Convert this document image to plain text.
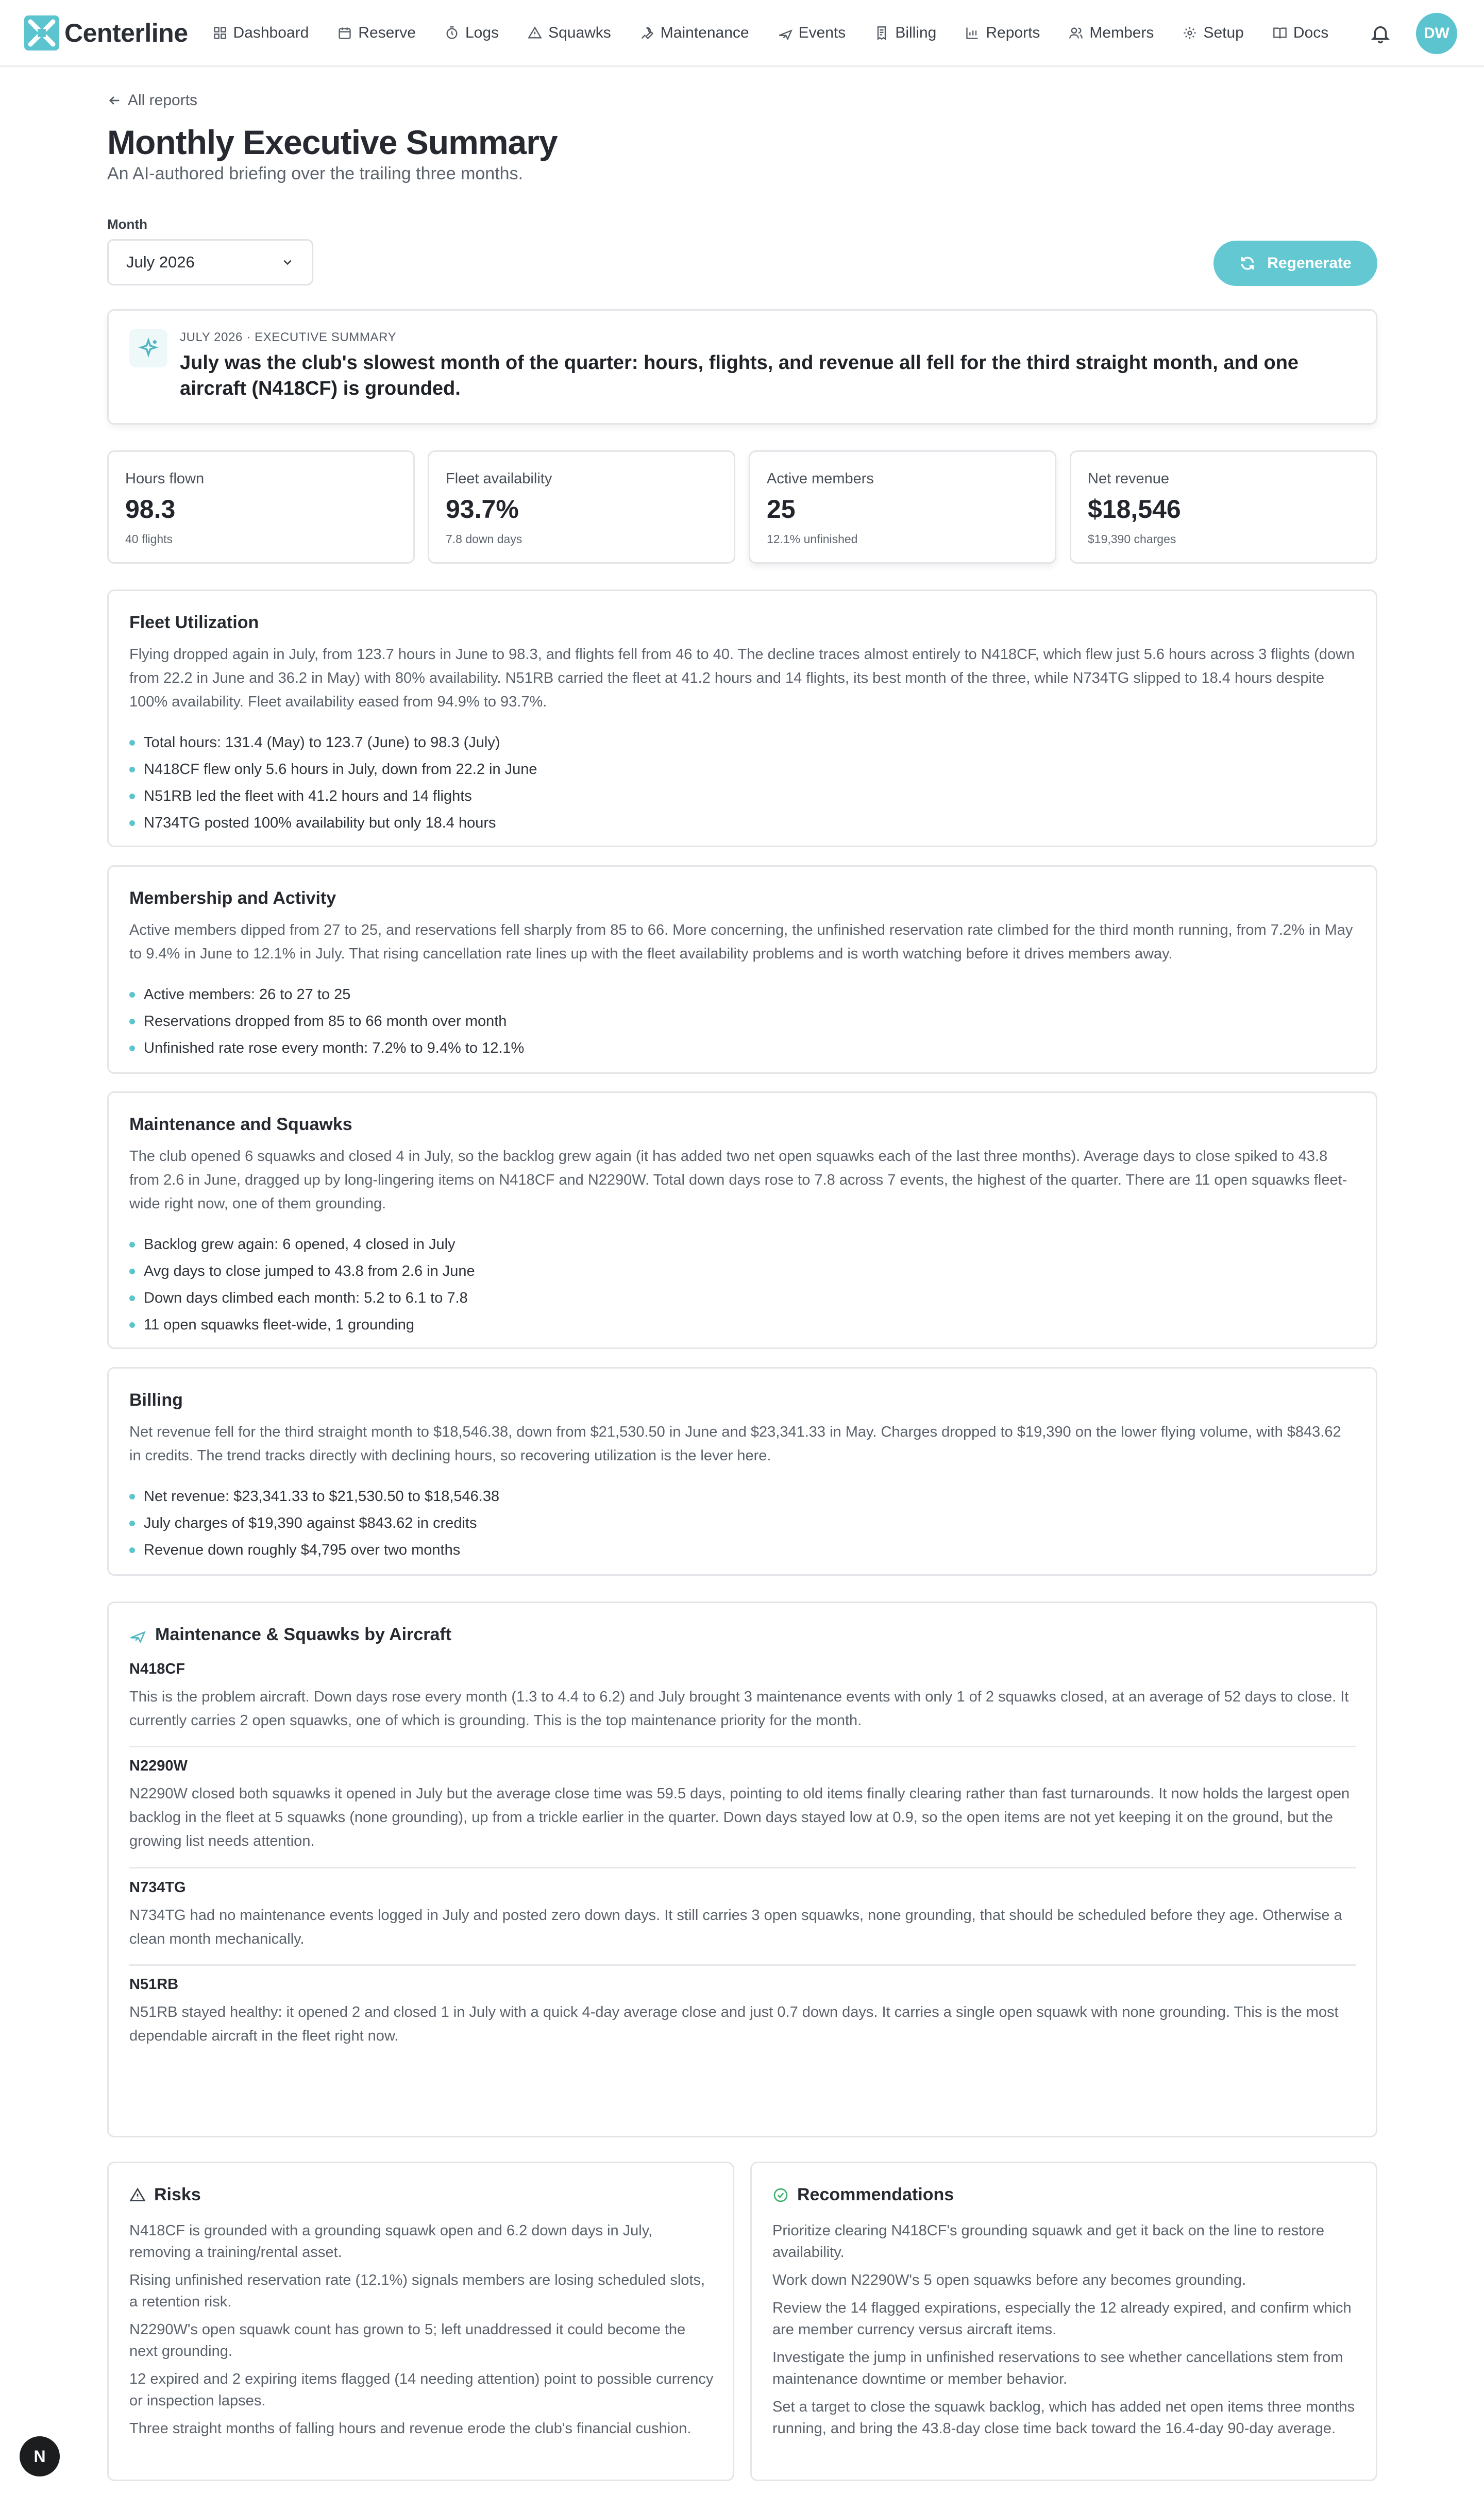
Centerline	Dashboard	Reserve	Logs	Squawks	Maintenance	Events	Billing	Reports	Members	Setup	Docs	DW
All reports
Monthly Executive Summary
An AI-authored briefing over the trailing three months.
Month
July 2026	Regenerate
JULY 2026 · EXECUTIVE SUMMARY
July was the club's slowest month of the quarter: hours, flights, and revenue all fell for the third straight month, and one aircraft (N418CF) is grounded.
Hours flown
98.3
40 flights
Fleet availability
93.7%
7.8 down days
Active members
25
12.1% unfinished
Net revenue
$18,546
$19,390 charges
Fleet Utilization

Flying dropped again in July, from 123.7 hours in June to 98.3, and flights fell from 46 to 40. The decline traces almost entirely to N418CF, which flew just 5.6 hours across 3 flights (down from 22.2 in June and 36.2 in May) with 80% availability. N51RB carried the fleet at 41.2 hours and 14 flights, its best month of the three, while N734TG slipped to 18.4 hours despite 100% availability. Fleet availability eased from 94.9% to 93.7%.

Total hours: 131.4 (May) to 123.7 (June) to 98.3 (July)
N418CF flew only 5.6 hours in July, down from 22.2 in June
N51RB led the fleet with 41.2 hours and 14 flights
N734TG posted 100% availability but only 18.4 hours
Membership and Activity

Active members dipped from 27 to 25, and reservations fell sharply from 85 to 66. More concerning, the unfinished reservation rate climbed for the third month running, from 7.2% in May to 9.4% in June to 12.1% in July. That rising cancellation rate lines up with the fleet availability problems and is worth watching before it drives members away.

Active members: 26 to 27 to 25
Reservations dropped from 85 to 66 month over month
Unfinished rate rose every month: 7.2% to 9.4% to 12.1%
Maintenance and Squawks

The club opened 6 squawks and closed 4 in July, so the backlog grew again (it has added two net open squawks each of the last three months). Average days to close spiked to 43.8 from 2.6 in June, dragged up by long-lingering items on N418CF and N2290W. Total down days rose to 7.8 across 7 events, the highest of the quarter. There are 11 open squawks fleet-wide right now, one of them grounding.

Backlog grew again: 6 opened, 4 closed in July
Avg days to close jumped to 43.8 from 2.6 in June
Down days climbed each month: 5.2 to 6.1 to 7.8
11 open squawks fleet-wide, 1 grounding
Billing

Net revenue fell for the third straight month to $18,546.38, down from $21,530.50 in June and $23,341.33 in May. Charges dropped to $19,390 on the lower flying volume, with $843.62 in credits. The trend tracks directly with declining hours, so recovering utilization is the lever here.

Net revenue: $23,341.33 to $21,530.50 to $18,546.38
July charges of $19,390 against $843.62 in credits
Revenue down roughly $4,795 over two months
Maintenance & Squawks by Aircraft
N418CF
This is the problem aircraft. Down days rose every month (1.3 to 4.4 to 6.2) and July brought 3 maintenance events with only 1 of 2 squawks closed, at an average of 52 days to close. It currently carries 2 open squawks, one of which is grounding. This is the top maintenance priority for the month.
N2290W
N2290W closed both squawks it opened in July but the average close time was 59.5 days, pointing to old items finally clearing rather than fast turnarounds. It now holds the largest open backlog in the fleet at 5 squawks (none grounding), up from a trickle earlier in the quarter. Down days stayed low at 0.9, so the open items are not yet keeping it on the ground, but the growing list needs attention.
N734TG
N734TG had no maintenance events logged in July and posted zero down days. It still carries 3 open squawks, none grounding, that should be scheduled before they age. Otherwise a clean month mechanically.
N51RB
N51RB stayed healthy: it opened 2 and closed 1 in July with a quick 4-day average close and just 0.7 down days. It carries a single open squawk with none grounding. This is the most dependable aircraft in the fleet right now.
Risks
N418CF is grounded with a grounding squawk open and 6.2 down days in July, removing a training/rental asset.
Rising unfinished reservation rate (12.1%) signals members are losing scheduled slots, a retention risk.
N2290W's open squawk count has grown to 5; left unaddressed it could become the next grounding.
12 expired and 2 expiring items flagged (14 needing attention) point to possible currency or inspection lapses.
Three straight months of falling hours and revenue erode the club's financial cushion.
Recommendations
Prioritize clearing N418CF's grounding squawk and get it back on the line to restore availability.
Work down N2290W's 5 open squawks before any becomes grounding.
Review the 14 flagged expirations, especially the 12 already expired, and confirm which are member currency versus aircraft items.
Investigate the jump in unfinished reservations to see whether cancellations stem from maintenance downtime or member behavior.
Set a target to close the squawk backlog, which has added net open items three months running, and bring the 43.8-day close time back toward the 16.4-day 90-day average.
N
